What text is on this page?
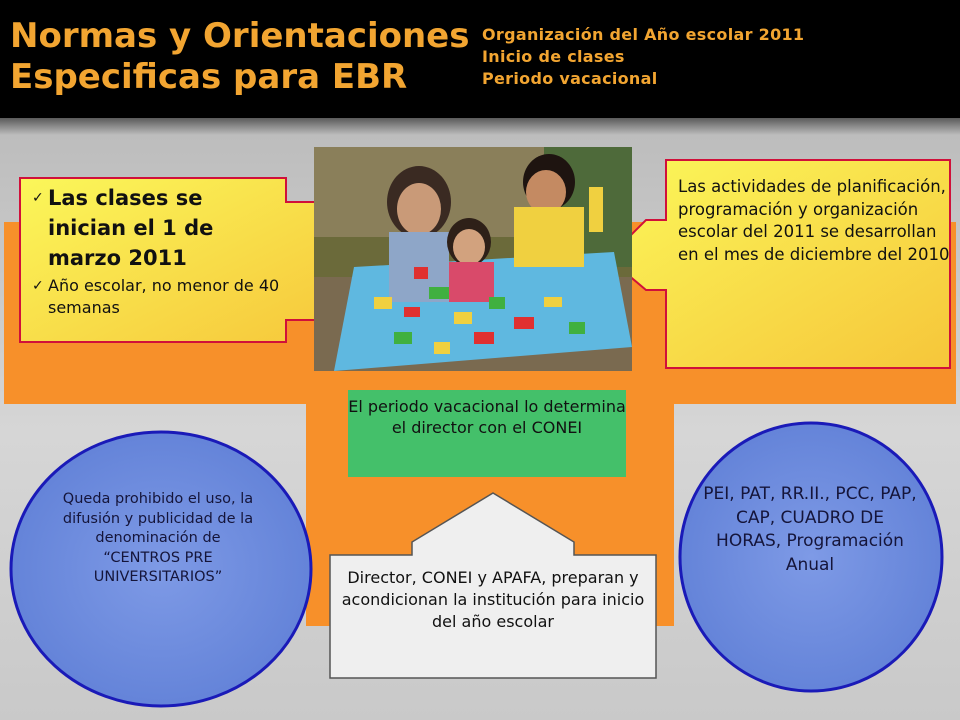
Normas y Orientaciones
Especificas para EBR
Organización del Año escolar 2011
Inicio de clases
Periodo vacacional
✓ Las clases se inician el 1 de marzo 2011
✓ Año escolar, no menor de 40 semanas
Las actividades de planificación, programación y organización escolar del 2011 se desarrollan en el mes de diciembre del 2010
El periodo vacacional lo determina el director con el CONEI
Queda prohibido el uso, la difusión y publicidad de la denominación de “CENTROS PRE UNIVERSITARIOS”
PEI, PAT, RR.II., PCC, PAP, CAP, CUADRO DE HORAS, Programación Anual
Director, CONEI y APAFA, preparan y acondicionan la institución para inicio del año escolar
